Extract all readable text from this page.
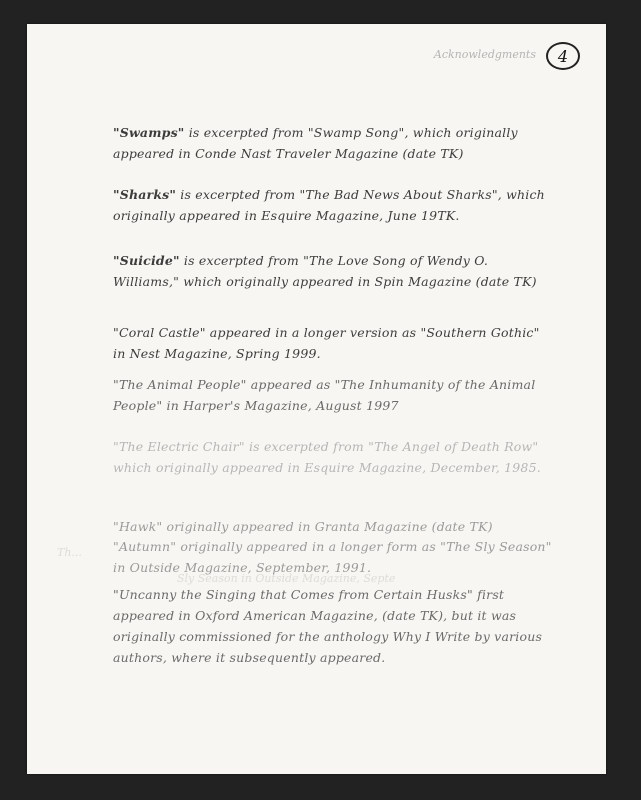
Acknowledgments	4
Sly Season in Outside Magazine, Septe
Th...
"Swamps" is excerpted from "Swamp Song", which originally appeared in Conde Nast Traveler Magazine (date TK)
"Sharks" is excerpted from "The Bad News About Sharks", which originally appeared in Esquire Magazine, June 19TK.
"Suicide" is excerpted from "The Love Song of Wendy O. Williams," which originally appeared in Spin Magazine (date TK)
"Coral Castle" appeared in a longer version as "Southern Gothic" in Nest Magazine, Spring 1999.
"The Animal People" appeared as "The Inhumanity of the Animal People" in Harper's Magazine, August 1997
"The Electric Chair" is excerpted from "The Angel of Death Row" which originally appeared in Esquire Magazine, December, 1985.
"Hawk" originally appeared in Granta Magazine (date TK)
"Autumn" originally appeared in a longer form as "The Sly Season" in Outside Magazine, September, 1991.
"Uncanny the Singing that Comes from Certain Husks" first appeared in Oxford American Magazine, (date TK), but it was originally commissioned for the anthology Why I Write by various authors, where it subsequently appeared.
